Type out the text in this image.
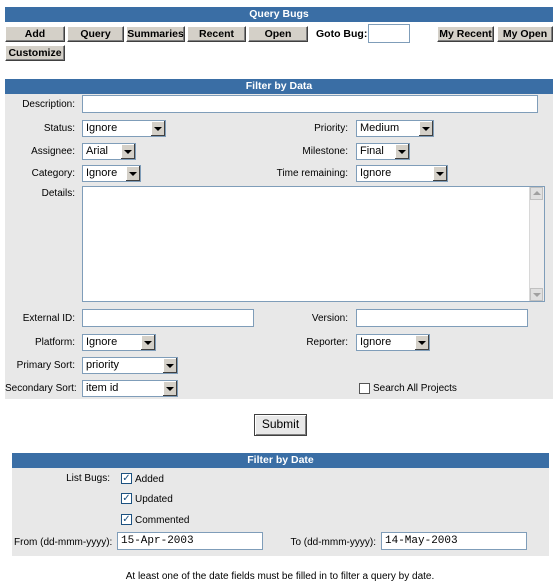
Query Bugs
Add	Query	Summaries	Recent	Open	Goto Bug:	My Recent	My Open
Customize
Filter by Data
Description:
Status: Ignore	Priority: Medium
Assignee: Arial	Milestone: Final
Category: Ignore	Time remaining: Ignore
Details:
External ID:	Version:
Platform: Ignore	Reporter: Ignore
Primary Sort: priority
Secondary Sort: item id	Search All Projects
Submit
Filter by Date
List Bugs: ✓ Added
✓ Updated
✓ Commented
From (dd-mmm-yyyy): 15-Apr-2003	To (dd-mmm-yyyy): 14-May-2003
At least one of the date fields must be filled in to filter a query by date.
